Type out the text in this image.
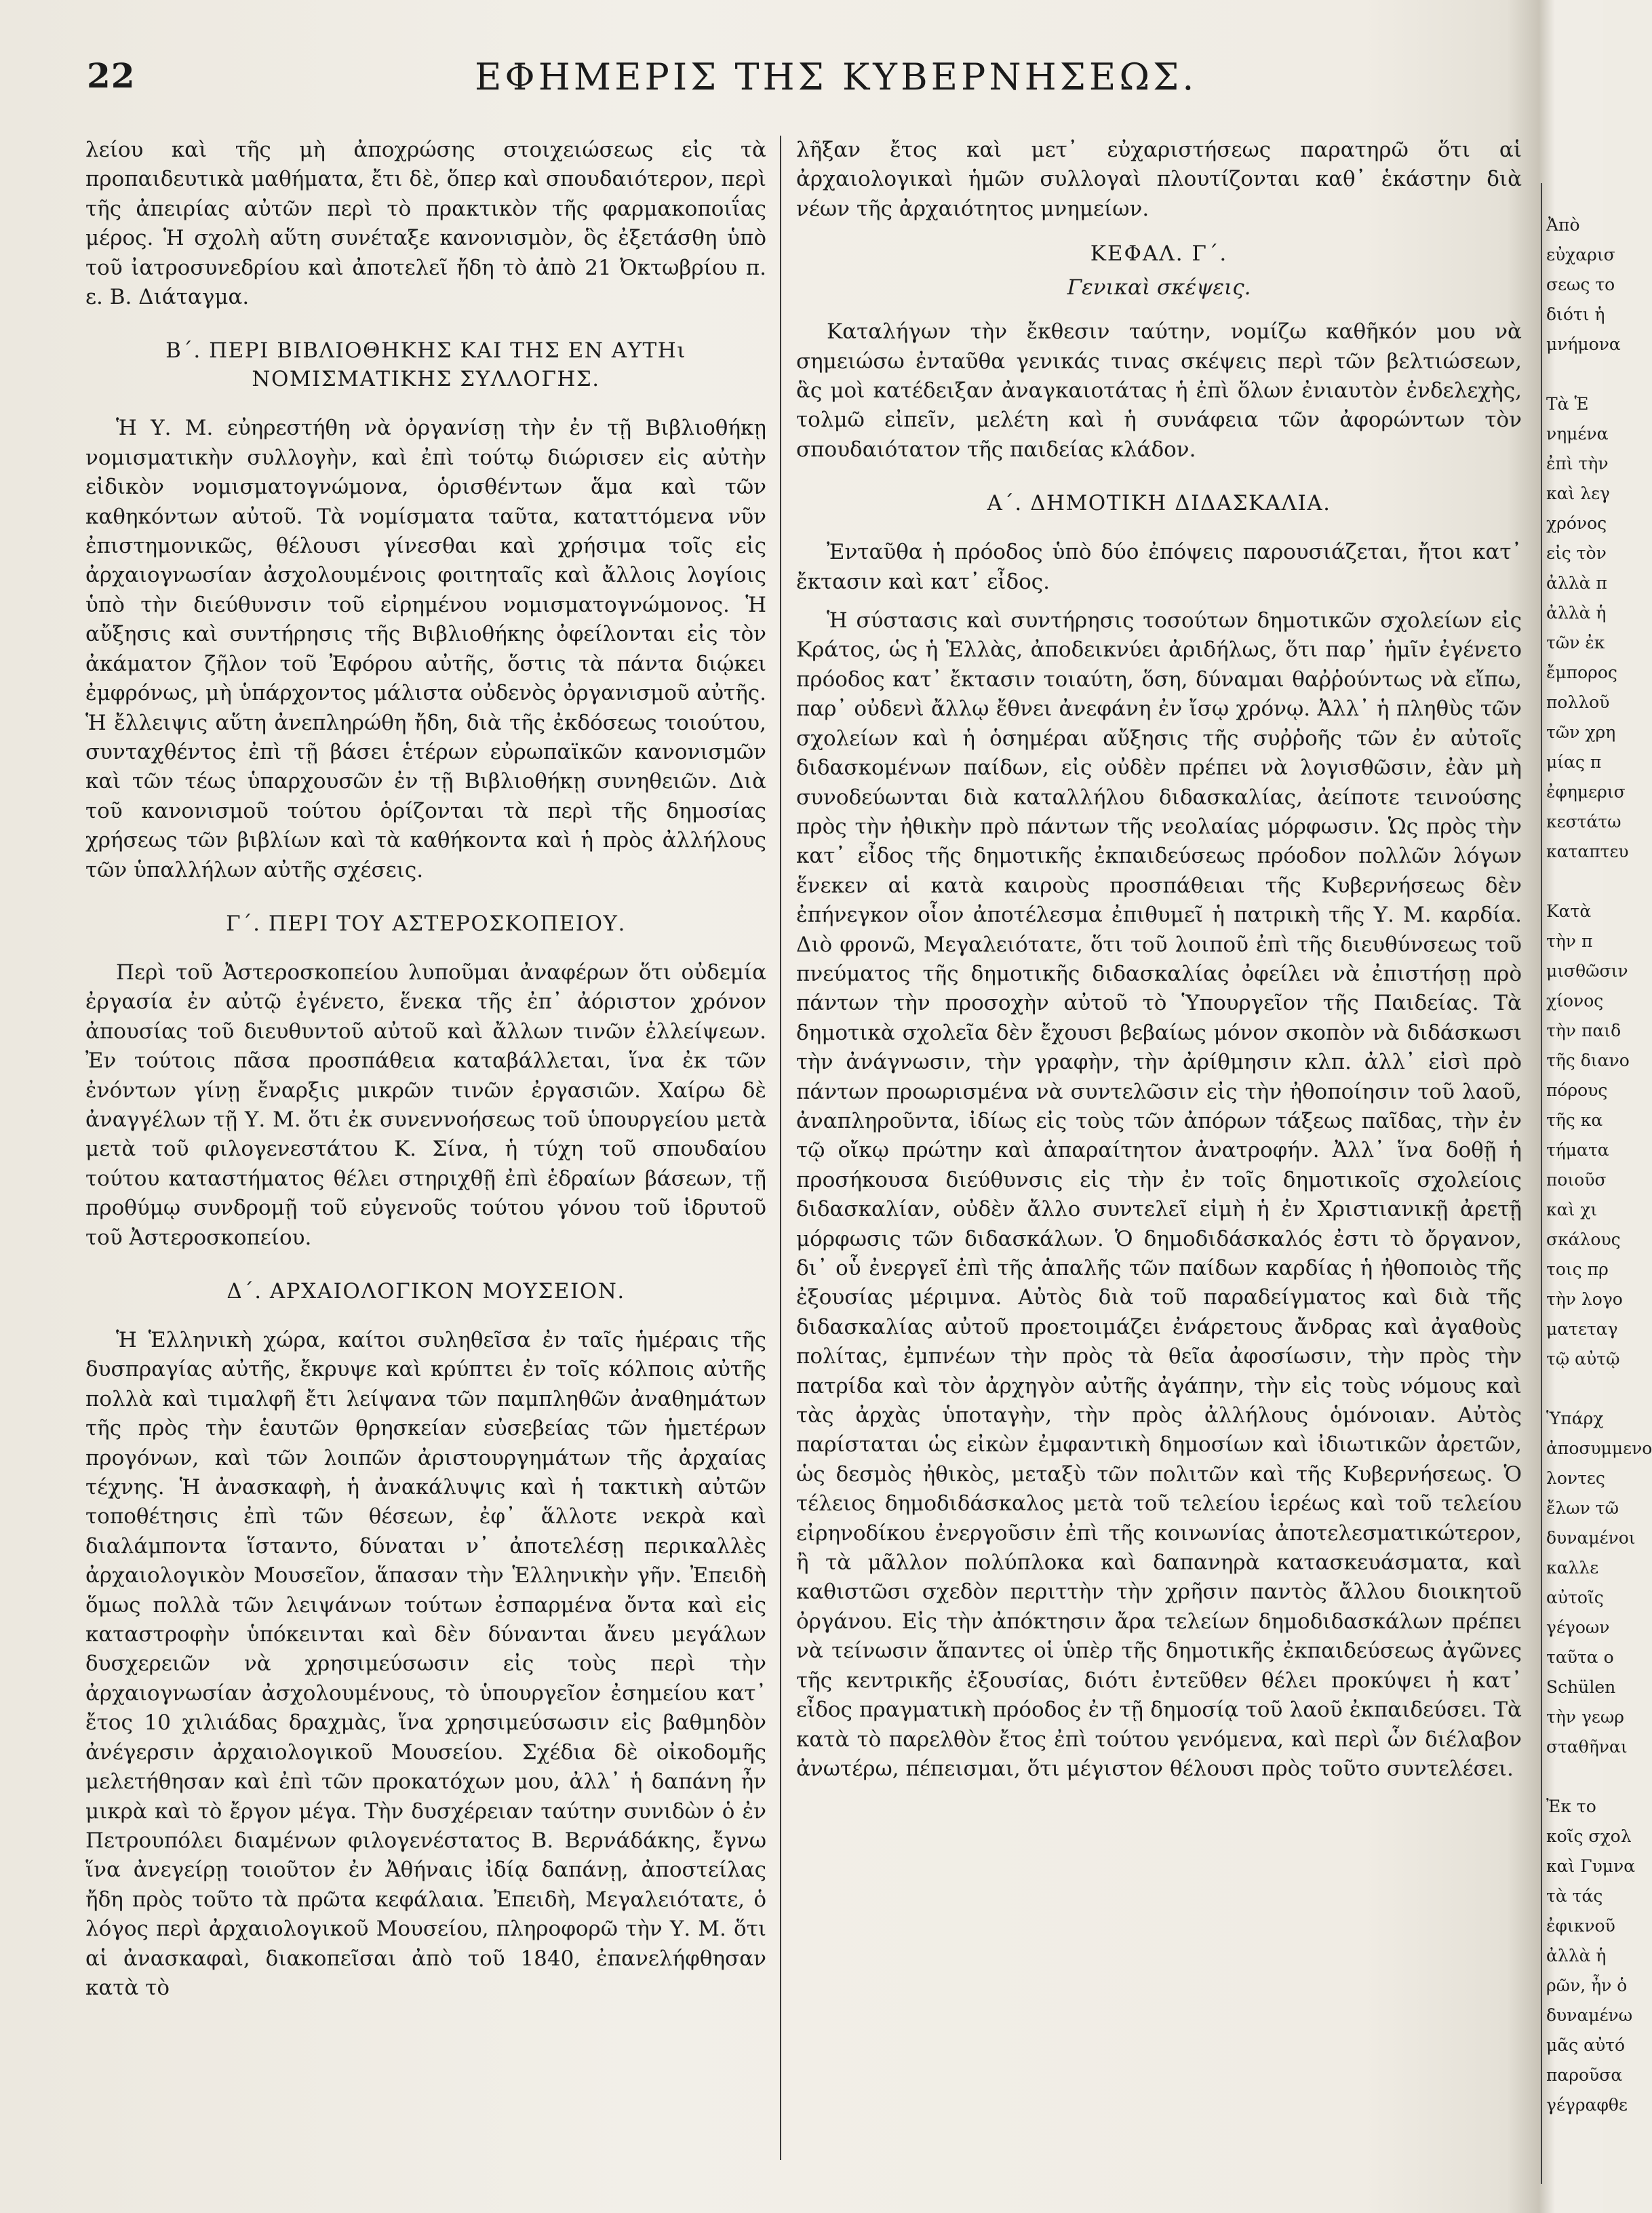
22	ΕΦΗΜΕΡΙΣ ΤΗΣ ΚΥΒΕΡΝΗΣΕΩΣ.

λείου καὶ τῆς μὴ ἀποχρώσης στοιχειώσεως εἰς τὰ προπαιδευτικὰ μαθήματα, ἔτι δὲ, ὅπερ καὶ σπουδαιότερον, περὶ τῆς ἀπειρίας αὐτῶν περὶ τὸ πρακτικὸν τῆς φαρμακοποιΐας μέρος. Ἡ σχολὴ αὕτη συνέταξε κανονισμὸν, ὃς ἐξετάσθη ὑπὸ τοῦ ἰατροσυνεδρίου καὶ ἀποτελεῖ ἤδη τὸ ἀπὸ 21 Ὀκτωβρίου π. ε. Β. Διάταγμα.

Β΄. ΠΕΡΙ ΒΙΒΛΙΟΘΗΚΗΣ ΚΑΙ ΤΗΣ ΕΝ ΑΥΤΗι
ΝΟΜΙΣΜΑΤΙΚΗΣ ΣΥΛΛΟΓΗΣ.

Ἡ Υ. Μ. εὐηρεστήθη νὰ ὀργανίσῃ τὴν ἐν τῇ Βιβλιοθήκῃ νομισματικὴν συλλογὴν, καὶ ἐπὶ τούτῳ διώρισεν εἰς αὐτὴν εἰδικὸν νομισματογνώμονα, ὁρισθέντων ἅμα καὶ τῶν καθηκόντων αὐτοῦ. Τὰ νομίσματα ταῦτα, καταττόμενα νῦν ἐπιστημονικῶς, θέλουσι γίνεσθαι καὶ χρήσιμα τοῖς εἰς ἀρχαιογνωσίαν ἀσχολουμένοις φοιτηταῖς καὶ ἄλλοις λογίοις ὑπὸ τὴν διεύθυνσιν τοῦ εἰρημένου νομισματογνώμονος. Ἡ αὔξησις καὶ συντήρησις τῆς Βιβλιοθήκης ὀφείλονται εἰς τὸν ἀκάματον ζῆλον τοῦ Ἐφόρου αὐτῆς, ὅστις τὰ πάντα διῴκει ἐμφρόνως, μὴ ὑπάρχοντος μάλιστα οὐδενὸς ὀργανισμοῦ αὐτῆς. Ἡ ἔλλειψις αὕτη ἀνεπληρώθη ἤδη, διὰ τῆς ἐκδόσεως τοιούτου, συνταχθέντος ἐπὶ τῇ βάσει ἑτέρων εὐρωπαϊκῶν κανονισμῶν καὶ τῶν τέως ὑπαρχουσῶν ἐν τῇ Βιβλιοθήκῃ συνηθειῶν. Διὰ τοῦ κανονισμοῦ τούτου ὁρίζονται τὰ περὶ τῆς δημοσίας χρήσεως τῶν βιβλίων καὶ τὰ καθήκοντα καὶ ἡ πρὸς ἀλλήλους τῶν ὑπαλλήλων αὐτῆς σχέσεις.

Γ΄. ΠΕΡΙ ΤΟΥ ΑΣΤΕΡΟΣΚΟΠΕΙΟΥ.

Περὶ τοῦ Ἀστεροσκοπείου λυποῦμαι ἀναφέρων ὅτι οὐδεμία ἐργασία ἐν αὐτῷ ἐγένετο, ἕνεκα τῆς ἐπ᾽ ἀόριστον χρόνον ἀπουσίας τοῦ διευθυντοῦ αὐτοῦ καὶ ἄλλων τινῶν ἐλλείψεων. Ἐν τούτοις πᾶσα προσπάθεια καταβάλλεται, ἵνα ἐκ τῶν ἐνόντων γίνῃ ἔναρξις μικρῶν τινῶν ἐργασιῶν. Χαίρω δὲ ἀναγγέλων τῇ Υ. Μ. ὅτι ἐκ συνεννοήσεως τοῦ ὑπουργείου μετὰ μετὰ τοῦ φιλογενεστάτου Κ. Σίνα, ἡ τύχη τοῦ σπουδαίου τούτου καταστήματος θέλει στηριχθῇ ἐπὶ ἑδραίων βάσεων, τῇ προθύμῳ συνδρομῇ τοῦ εὐγενοῦς τούτου γόνου τοῦ ἱδρυτοῦ τοῦ Ἀστεροσκοπείου.

Δ΄. ΑΡΧΑΙΟΛΟΓΙΚΟΝ ΜΟΥΣΕΙΟΝ.

Ἡ Ἑλληνικὴ χώρα, καίτοι συληθεῖσα ἐν ταῖς ἡμέραις τῆς δυσπραγίας αὐτῆς, ἔκρυψε καὶ κρύπτει ἐν τοῖς κόλποις αὐτῆς πολλὰ καὶ τιμαλφῆ ἔτι λείψανα τῶν παμπληθῶν ἀναθημάτων τῆς πρὸς τὴν ἑαυτῶν θρησκείαν εὐσεβείας τῶν ἡμετέρων προγόνων, καὶ τῶν λοιπῶν ἀριστουργημάτων τῆς ἀρχαίας τέχνης. Ἡ ἀνασκαφὴ, ἡ ἀνακάλυψις καὶ ἡ τακτικὴ αὐτῶν τοποθέτησις ἐπὶ τῶν θέσεων, ἐφ᾽ ἅλλοτε νεκρὰ καὶ διαλάμποντα ἵσταντο, δύναται ν᾽ ἀποτελέσῃ περικαλλὲς ἀρχαιολογικὸν Μουσεῖον, ἅπασαν τὴν Ἑλληνικὴν γῆν. Ἐπειδὴ ὅμως πολλὰ τῶν λειψάνων τούτων ἐσπαρμένα ὄντα καὶ εἰς καταστροφὴν ὑπόκεινται καὶ δὲν δύνανται ἄνευ μεγάλων δυσχερειῶν νὰ χρησιμεύσωσιν εἰς τοὺς περὶ τὴν ἀρχαιογνωσίαν ἀσχολουμένους, τὸ ὑπουργεῖον ἐσημείου κατ᾽ ἔτος 10 χιλιάδας δραχμὰς, ἵνα χρησιμεύσωσιν εἰς βαθμηδὸν ἀνέγερσιν ἀρχαιολογικοῦ Μουσείου. Σχέδια δὲ οἰκοδομῆς μελετήθησαν καὶ ἐπὶ τῶν προκατόχων μου, ἀλλ᾽ ἡ δαπάνη ἦν μικρὰ καὶ τὸ ἔργον μέγα. Τὴν δυσχέρειαν ταύτην συνιδὼν ὁ ἐν Πετρουπόλει διαμένων φιλογενέστατος Β. Βερνάδάκης, ἔγνω ἵνα ἀνεγείρῃ τοιοῦτον ἐν Ἀθήναις ἰδίᾳ δαπάνῃ, ἀποστείλας ἤδη πρὸς τοῦτο τὰ πρῶτα κεφάλαια. Ἐπειδὴ, Μεγαλειότατε, ὁ λόγος περὶ ἀρχαιολογικοῦ Μουσείου, πληροφορῶ τὴν Υ. Μ. ὅτι αἱ ἀνασκαφαὶ, διακοπεῖσαι ἀπὸ τοῦ 1840, ἐπανελήφθησαν κατὰ τὸ

λῆξαν ἔτος καὶ μετ᾽ εὐχαριστήσεως παρατηρῶ ὅτι αἱ ἀρχαιολογικαὶ ἡμῶν συλλογαὶ πλουτίζονται καθ᾽ ἑκάστην διὰ νέων τῆς ἀρχαιότητος μνημείων.

ΚΕΦΑΛ. Γ΄.
Γενικαὶ σκέψεις.

Καταλήγων τὴν ἔκθεσιν ταύτην, νομίζω καθῆκόν μου νὰ σημειώσω ἐνταῦθα γενικάς τινας σκέψεις περὶ τῶν βελτιώσεων, ἃς μοὶ κατέδειξαν ἀναγκαιοτάτας ἡ ἐπὶ ὅλων ἐνιαυτὸν ἐνδελεχὴς, τολμῶ εἰπεῖν, μελέτη καὶ ἡ συνάφεια τῶν ἀφορώντων τὸν σπουδαιότατον τῆς παιδείας κλάδον.

Α΄. ΔΗΜΟΤΙΚΗ ΔΙΔΑΣΚΑΛΙΑ.

Ἐνταῦθα ἡ πρόοδος ὑπὸ δύο ἐπόψεις παρουσιάζεται, ἤτοι κατ᾽ ἔκτασιν καὶ κατ᾽ εἶδος.

Ἡ σύστασις καὶ συντήρησις τοσούτων δημοτικῶν σχολείων εἰς Κράτος, ὡς ἡ Ἑλλὰς, ἀποδεικνύει ἀριδήλως, ὅτι παρ᾽ ἡμῖν ἐγένετο πρόοδος κατ᾽ ἔκτασιν τοιαύτη, ὅση, δύναμαι θαῤῥούντως νὰ εἴπω, παρ᾽ οὐδενὶ ἄλλῳ ἔθνει ἀνεφάνη ἐν ἴσῳ χρόνῳ. Ἀλλ᾽ ἡ πληθὺς τῶν σχολείων καὶ ἡ ὁσημέραι αὔξησις τῆς συῤῥοῆς τῶν ἐν αὐτοῖς διδασκομένων παίδων, εἰς οὐδὲν πρέπει νὰ λογισθῶσιν, ἐὰν μὴ συνοδεύωνται διὰ καταλλήλου διδασκαλίας, ἀείποτε τεινούσης πρὸς τὴν ἠθικὴν πρὸ πάντων τῆς νεολαίας μόρφωσιν. Ὡς πρὸς τὴν κατ᾽ εἶδος τῆς δημοτικῆς ἐκπαιδεύσεως πρόοδον πολλῶν λόγων ἕνεκεν αἱ κατὰ καιροὺς προσπάθειαι τῆς Κυβερνήσεως δὲν ἐπήνεγκον οἷον ἀποτέλεσμα ἐπιθυμεῖ ἡ πατρικὴ τῆς Υ. Μ. καρδία. Διὸ φρονῶ, Μεγαλειότατε, ὅτι τοῦ λοιποῦ ἐπὶ τῆς διευθύνσεως τοῦ πνεύματος τῆς δημοτικῆς διδασκαλίας ὀφείλει νὰ ἐπιστήσῃ πρὸ πάντων τὴν προσοχὴν αὐτοῦ τὸ Ὑπουργεῖον τῆς Παιδείας. Τὰ δημοτικὰ σχολεῖα δὲν ἔχουσι βεβαίως μόνον σκοπὸν νὰ διδάσκωσι τὴν ἀνάγνωσιν, τὴν γραφὴν, τὴν ἀρίθμησιν κλπ. ἀλλ᾽ εἰσὶ πρὸ πάντων προωρισμένα νὰ συντελῶσιν εἰς τὴν ἠθοποίησιν τοῦ λαοῦ, ἀναπληροῦντα, ἰδίως εἰς τοὺς τῶν ἀπόρων τάξεως παῖδας, τὴν ἐν τῷ οἴκῳ πρώτην καὶ ἀπαραίτητον ἀνατροφήν. Ἀλλ᾽ ἵνα δοθῇ ἡ προσήκουσα διεύθυνσις εἰς τὴν ἐν τοῖς δημοτικοῖς σχολείοις διδασκαλίαν, οὐδὲν ἄλλο συντελεῖ εἰμὴ ἡ ἐν Χριστιανικῇ ἀρετῇ μόρφωσις τῶν διδασκάλων. Ὁ δημοδιδάσκαλός ἐστι τὸ ὄργανον, δι᾽ οὗ ἐνεργεῖ ἐπὶ τῆς ἁπαλῆς τῶν παίδων καρδίας ἡ ἠθοποιὸς τῆς ἐξουσίας μέριμνα. Αὐτὸς διὰ τοῦ παραδείγματος καὶ διὰ τῆς διδασκαλίας αὐτοῦ προετοιμάζει ἐνάρετους ἄνδρας καὶ ἀγαθοὺς πολίτας, ἐμπνέων τὴν πρὸς τὰ θεῖα ἀφοσίωσιν, τὴν πρὸς τὴν πατρίδα καὶ τὸν ἀρχηγὸν αὐτῆς ἀγάπην, τὴν εἰς τοὺς νόμους καὶ τὰς ἀρχὰς ὑποταγὴν, τὴν πρὸς ἀλλήλους ὁμόνοιαν. Αὐτὸς παρίσταται ὡς εἰκὼν ἐμφαντικὴ δημοσίων καὶ ἰδιωτικῶν ἀρετῶν, ὡς δεσμὸς ἠθικὸς, μεταξὺ τῶν πολιτῶν καὶ τῆς Κυβερνήσεως. Ὁ τέλειος δημοδιδάσκαλος μετὰ τοῦ τελείου ἱερέως καὶ τοῦ τελείου εἰρηνοδίκου ἐνεργοῦσιν ἐπὶ τῆς κοινωνίας ἀποτελεσματικώτερον, ἢ τὰ μᾶλλον πολύπλοκα καὶ δαπανηρὰ κατασκευάσματα, καὶ καθιστῶσι σχεδὸν περιττὴν τὴν χρῆσιν παντὸς ἄλλου διοικητοῦ ὀργάνου. Εἰς τὴν ἀπόκτησιν ἄρα τελείων δημοδιδασκάλων πρέπει νὰ τείνωσιν ἅπαντες οἱ ὑπὲρ τῆς δημοτικῆς ἐκπαιδεύσεως ἀγῶνες τῆς κεντρικῆς ἐξουσίας, διότι ἐντεῦθεν θέλει προκύψει ἡ κατ᾽ εἶδος πραγματικὴ πρόοδος ἐν τῇ δημοσίᾳ τοῦ λαοῦ ἐκπαιδεύσει. Τὰ κατὰ τὸ παρελθὸν ἔτος ἐπὶ τούτου γενόμενα, καὶ περὶ ὧν διέλαβον ἀνωτέρω, πέπεισμαι, ὅτι μέγιστον θέλουσι πρὸς τοῦτο συντελέσει.

Ἀπὸ
εὐχαρισ
σεως το
διότι ἡ
μνήμονα

Τὰ Ἑ
νημένα
ἐπὶ τὴν
καὶ λεγ
χρόνος
εἰς τὸν
ἀλλὰ π
ἀλλὰ ἡ
τῶν ἐκ
ἔμπορος
πολλοῦ
τῶν χρη
μίας π
ἐφημερισ
κεστάτω
καταπτευ

Κατὰ
τὴν π
μισθῶσιν
χίονος
τὴν παιδ
τῆς διανο
πόρους
τῆς κα
τήματα
ποιοῦσ
καὶ χι
σκάλους
τοις πρ
τὴν λογο
ματεταγ
τῷ αὐτῷ

Ὑπάρχ
ἀποσυμμενο
λοντες
ἔλων τῶ
δυναμένοι
καλλε
αὐτοῖς
γέγοων
ταῦτα ο
Schülen
τὴν γεωρ
σταθῆναι

Ἐκ το
κοῖς σχολ
καὶ Γυμνα
τὰ τάς
ἐφικνοῦ
ἀλλὰ ἡ
ρῶν, ἦν ὁ
δυναμένω
μᾶς αὐτό
παροῦσα
γέγραφθε
